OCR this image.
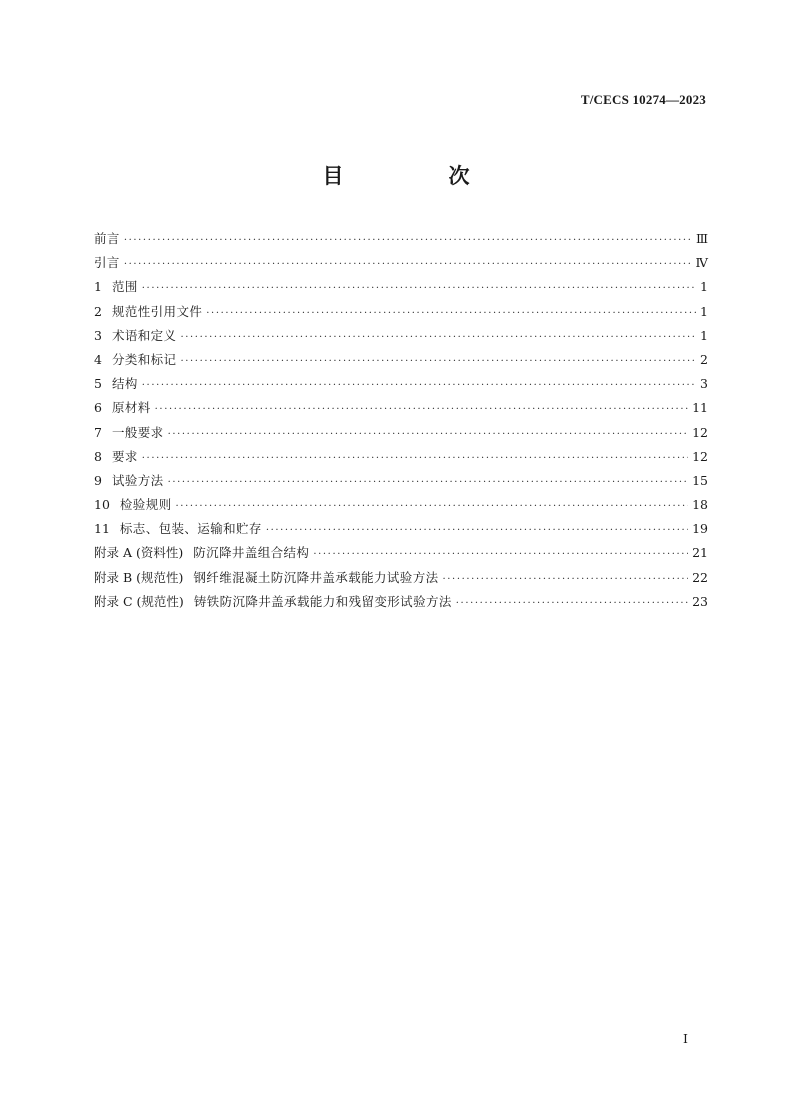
T/CECS 10274—2023
目　次
前言 ·····	Ⅲ
引言 ·····	Ⅳ
1 范围 ·····	1
2 规范性引用文件 ·····	1
3 术语和定义 ·····	1
4 分类和标记 ·····	2
5 结构 ·····	3
6 原材料 ·····	11
7 一般要求 ·····	12
8 要求 ·····	12
9 试验方法 ·····	15
10 检验规则 ·····	18
11 标志、包装、运输和贮存 ·····	19
附录 A (资料性) 防沉降井盖组合结构 ·····	21
附录 B (规范性) 钢纤维混凝土防沉降井盖承载能力试验方法 ·····	22
附录 C (规范性) 铸铁防沉降井盖承载能力和残留变形试验方法 ·····	23
I
